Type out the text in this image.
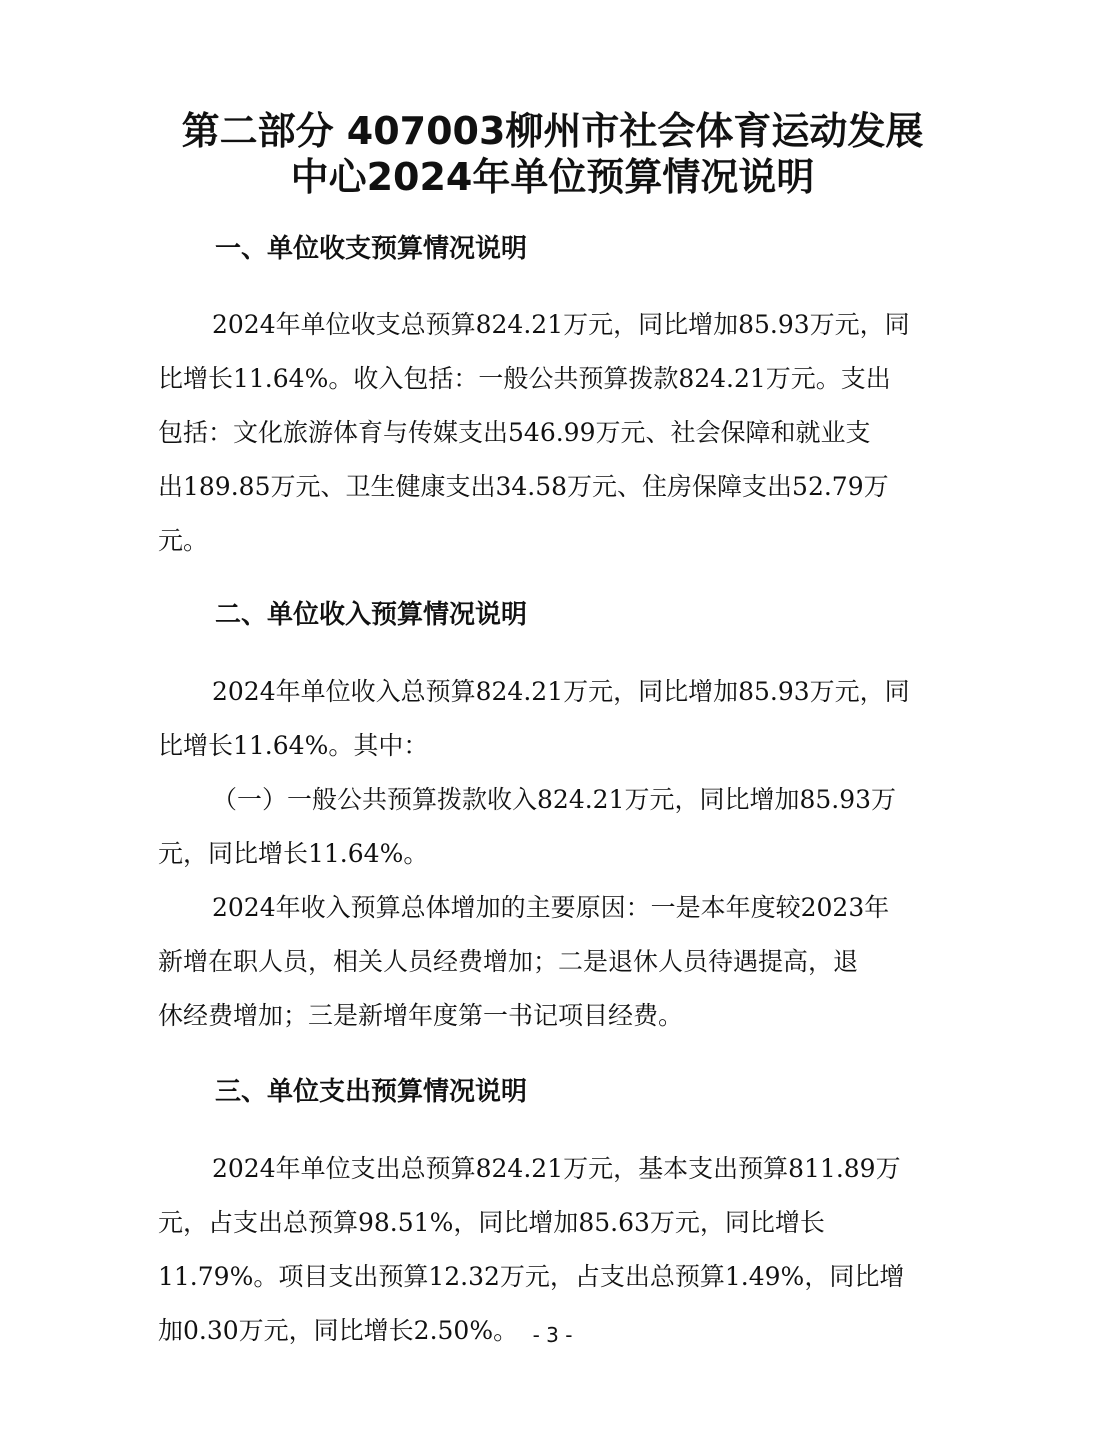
第二部分 407003柳州市社会体育运动发展
中心2024年单位预算情况说明
一、单位收支预算情况说明

2024年单位收支总预算824.21万元，同比增加85.93万元，同
比增长11.64%。收入包括：一般公共预算拨款824.21万元。支出
包括：文化旅游体育与传媒支出546.99万元、社会保障和就业支
出189.85万元、卫生健康支出34.58万元、住房保障支出52.79万
元。

二、单位收入预算情况说明

2024年单位收入总预算824.21万元，同比增加85.93万元，同
比增长11.64%。其中：
（一）一般公共预算拨款收入824.21万元，同比增加85.93万
元，同比增长11.64%。
2024年收入预算总体增加的主要原因：一是本年度较2023年
新增在职人员，相关人员经费增加；二是退休人员待遇提高，退
休经费增加；三是新增年度第一书记项目经费。

三、单位支出预算情况说明

2024年单位支出总预算824.21万元，基本支出预算811.89万
元，占支出总预算98.51%，同比增加85.63万元，同比增长
11.79%。项目支出预算12.32万元，占支出总预算1.49%，同比增
加0.30万元，同比增长2.50%。 - 3 -
